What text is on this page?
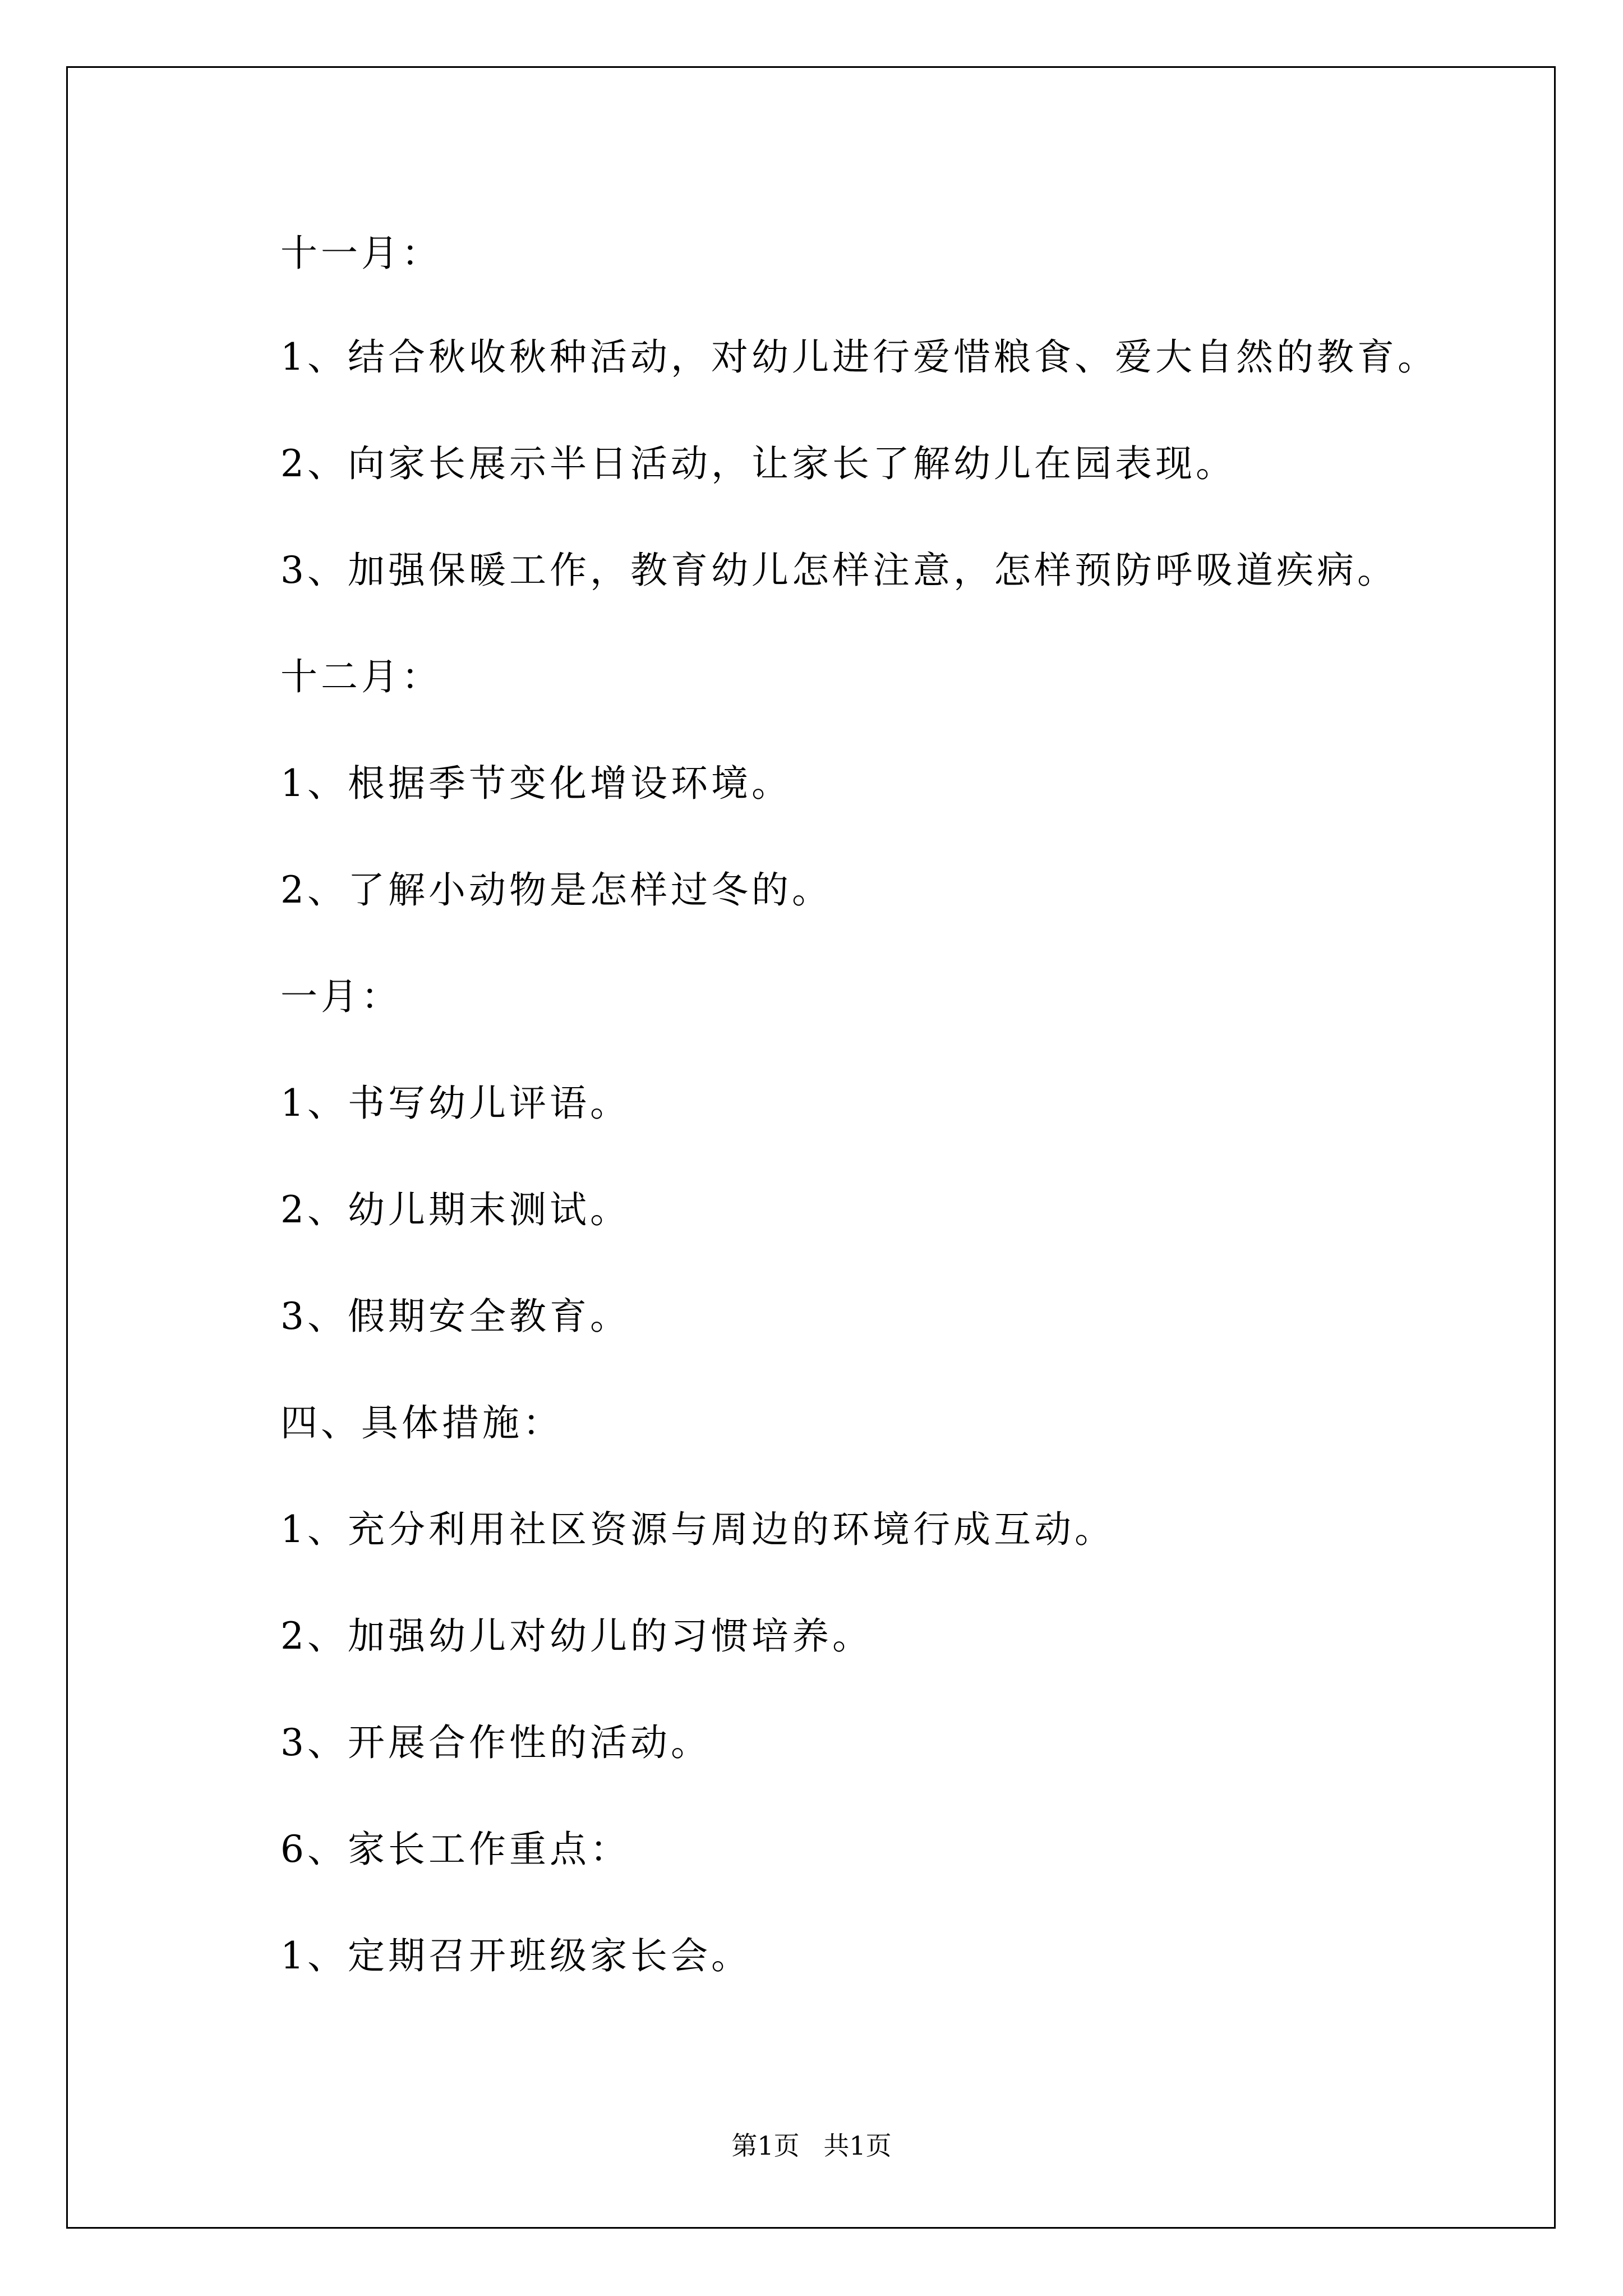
十一月：
1、结合秋收秋种活动，对幼儿进行爱惜粮食、爱大自然的教育。
2、向家长展示半日活动，让家长了解幼儿在园表现。
3、加强保暖工作，教育幼儿怎样注意，怎样预防呼吸道疾病。
十二月：
1、根据季节变化增设环境。
2、了解小动物是怎样过冬的。
一月：
1、书写幼儿评语。
2、幼儿期末测试。
3、假期安全教育。
四、具体措施：
1、充分利用社区资源与周边的环境行成互动。
2、加强幼儿对幼儿的习惯培养。
3、开展合作性的活动。
6、家长工作重点：
1、定期召开班级家长会。
第1页 共1页
